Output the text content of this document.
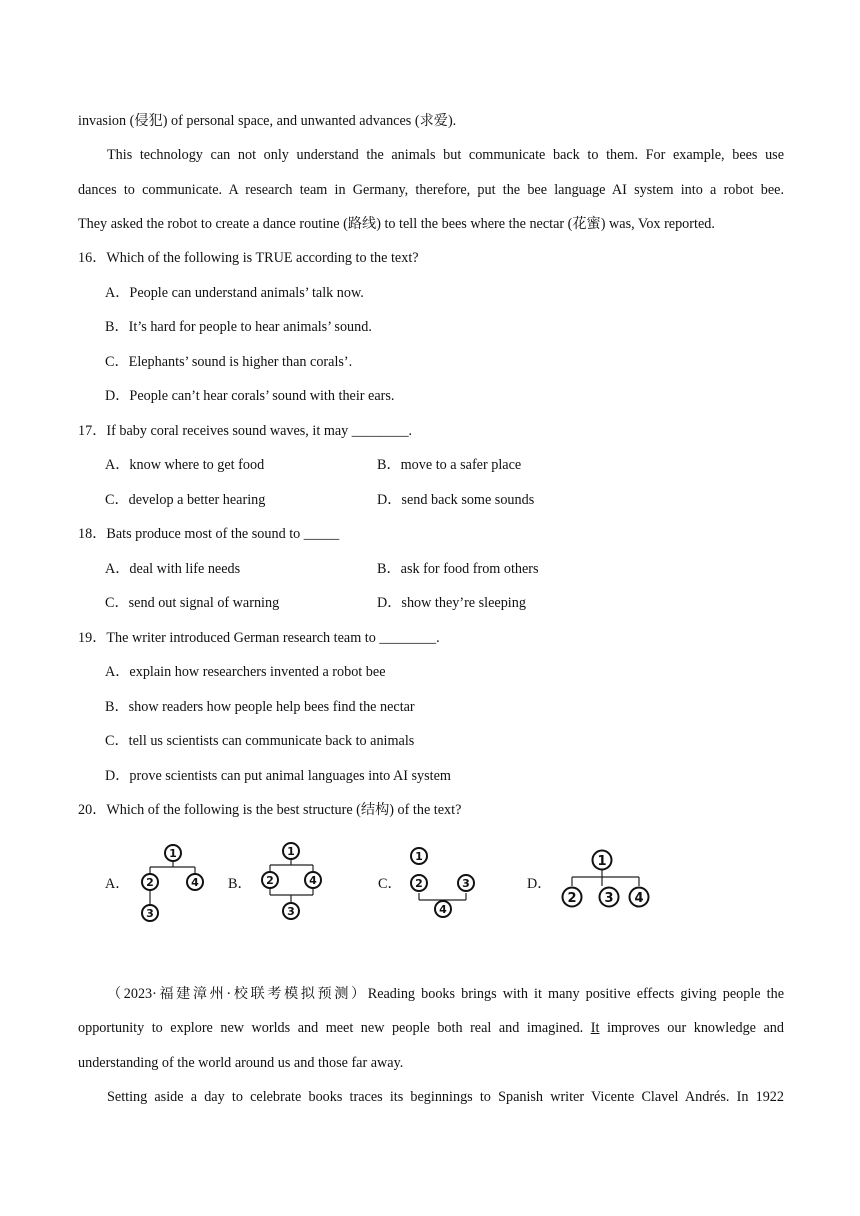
invasion (侵犯) of personal space, and unwanted advances (求爱).
This technology can not only understand the animals but communicate back to them. For example, bees use
dances to communicate. A research team in Germany, therefore, put the bee language AI system into a robot bee.
They asked the robot to create a dance routine (路线) to tell the bees where the nectar (花蜜) was, Vox reported.
16．Which of the following is TRUE according to the text?
A．People can understand animals’ talk now.
B．It’s hard for people to hear animals’ sound.
C．Elephants’ sound is higher than corals’.
D．People can’t hear corals’ sound with their ears.
17．If baby coral receives sound waves, it may ________.
A．know where to get food	B．move to a safer place
C．develop a better hearing	D．send back some sounds
18．Bats produce most of the sound to _____
A．deal with life needs	B．ask for food from others
C．send out signal of warning	D．show they’re sleeping
19．The writer introduced German research team to ________.
A．explain how researchers invented a robot bee
B．show readers how people help bees find the nectar
C．tell us scientists can communicate back to animals
D．prove scientists can put animal languages into AI system
20．Which of the following is the best structure (结构) of the text?
A．
1
2	4
3
B．
1
2	4
3
C．
1
2	3
4
D．
1
2 3 4
（2023·福建漳州·校联考模拟预测）Reading books brings with it many positive effects giving people the
opportunity to explore new worlds and meet new people both real and imagined. It improves our knowledge and
understanding of the world around us and those far away.
Setting aside a day to celebrate books traces its beginnings to Spanish writer Vicente Clavel Andrés. In 1922
